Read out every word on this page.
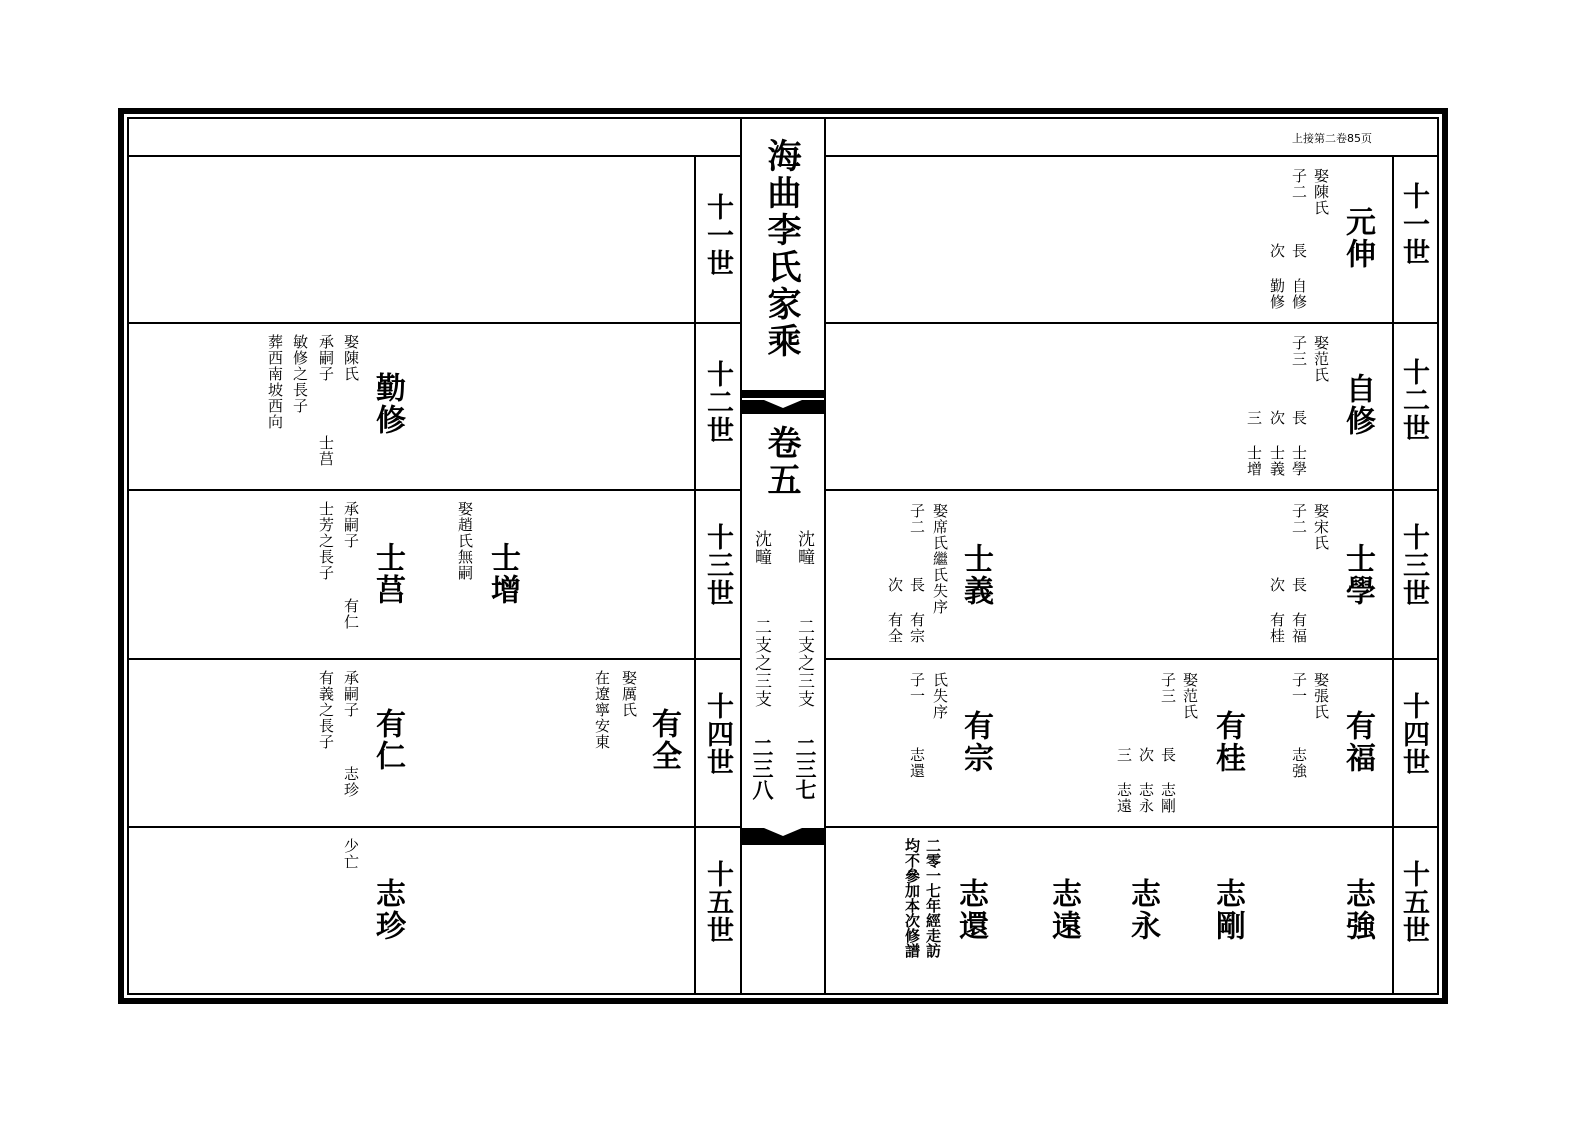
上接第二卷85页
海曲李氏家乘
卷五
沈疃
二支之三支
二三七
沈疃
二支之三支
二三八
十一世
十二世
十三世
十四世
十五世
十一世
十二世
十三世
十四世
十五世
元伸
娶陳氏
子二
長 自修
次 勤修
自修
娶范氏
子三
長 士學
次 士義
三 士增
士學
娶宋氏
子二
長 有福
次 有桂
士義
娶席氏繼氏失序
子二
長 有宗
次 有全
有福
娶張氏
子一
志強
有桂
娶范氏
子三
長 志剛
次 志永
三 志遠
有宗
氏失序
子一
志還
志強
志剛
志永
志遠
志還
二零一七年經走訪
均不參加本次修譜
勤修
娶陳氏
承嗣子
敏修之長子
葬西南坡西向
士莒
士增
娶趙氏無嗣
士莒
承嗣子
士芳之長子
有仁
有全
娶厲氏
在遼寧安東
有仁
承嗣子
有義之長子
志珍
志珍
少亡
